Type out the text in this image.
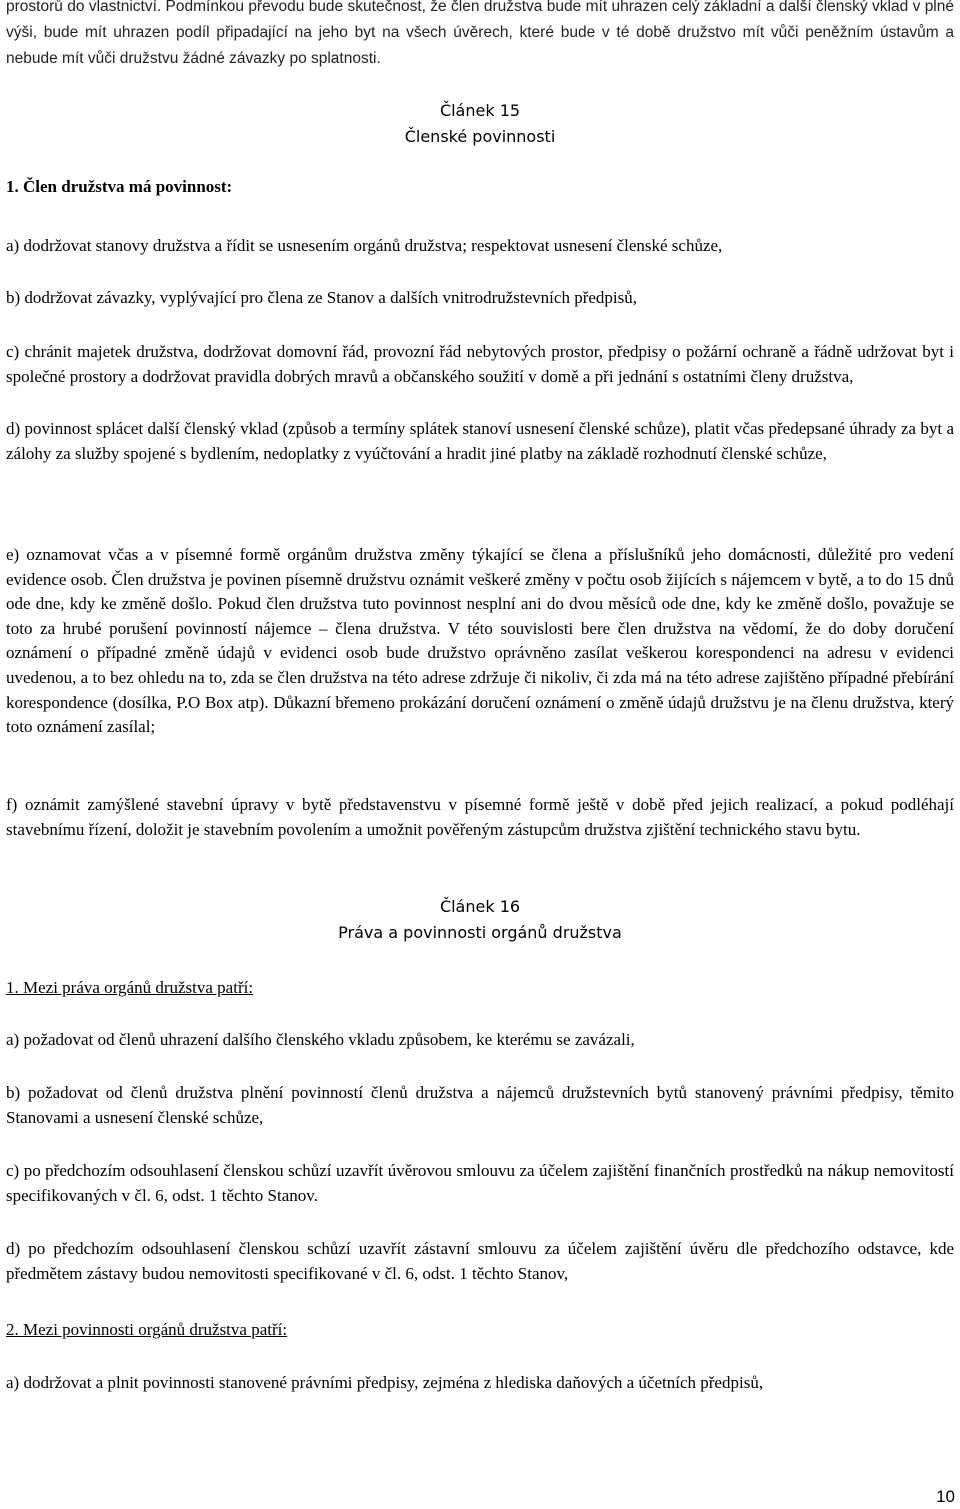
prostorů do vlastnictví. Podmínkou převodu bude skutečnost, že člen družstva bude mít uhrazen celý základní a další členský vklad v plné výši, bude mít uhrazen podíl připadající na jeho byt na všech úvěrech, které bude v té době družstvo mít vůči peněžním ústavům a nebude mít vůči družstvu žádné závazky po splatnosti.

Článek 15
Členské povinnosti

1. Člen družstva má povinnost:

a) dodržovat stanovy družstva a řídit se usnesením orgánů družstva; respektovat usnesení členské schůze,

b) dodržovat závazky, vyplývající pro člena ze Stanov a dalších vnitrodružstevních předpisů,

c) chránit majetek družstva, dodržovat domovní řád, provozní řád nebytových prostor, předpisy o požární ochraně a řádně udržovat byt i společné prostory a dodržovat pravidla dobrých mravů a občanského soužití v domě a při jednání s ostatními členy družstva,

d) povinnost splácet další členský vklad (způsob a termíny splátek stanoví usnesení členské schůze), platit včas předepsané úhrady za byt a zálohy za služby spojené s bydlením, nedoplatky z vyúčtování a hradit jiné platby na základě rozhodnutí členské schůze,

e) oznamovat včas a v písemné formě orgánům družstva změny týkající se člena a příslušníků jeho domácnosti, důležité pro vedení evidence osob. Člen družstva je povinen písemně družstvu oznámit veškeré změny v počtu osob žijících s nájemcem v bytě, a to do 15 dnů ode dne, kdy ke změně došlo. Pokud člen družstva tuto povinnost nesplní ani do dvou měsíců ode dne, kdy ke změně došlo, považuje se toto za hrubé porušení povinností nájemce – člena družstva. V této souvislosti bere člen družstva na vědomí, že do doby doručení oznámení o případné změně údajů v evidenci osob bude družstvo oprávněno zasílat veškerou korespondenci na adresu v evidenci uvedenou, a to bez ohledu na to, zda se člen družstva na této adrese zdržuje či nikoliv, či zda má na této adrese zajištěno případné přebírání korespondence (dosílka, P.O Box atp). Důkazní břemeno prokázání doručení oznámení o změně údajů družstvu je na členu družstva, který toto oznámení zasílal;

f) oznámit zamýšlené stavební úpravy v bytě představenstvu v písemné formě ještě v době před jejich realizací, a pokud podléhají stavebnímu řízení, doložit je stavebním povolením a umožnit pověřeným zástupcům družstva zjištění technického stavu bytu.

Článek 16
Práva a povinnosti orgánů družstva

1. Mezi práva orgánů družstva patří:

a) požadovat od členů uhrazení dalšího členského vkladu způsobem, ke kterému se zavázali,

b) požadovat od členů družstva plnění povinností členů družstva a nájemců družstevních bytů stanovený právními předpisy, těmito Stanovami a usnesení členské schůze,

c) po předchozím odsouhlasení členskou schůzí uzavřít úvěrovou smlouvu za účelem zajištění finančních prostředků na nákup nemovitostí specifikovaných v čl. 6, odst. 1 těchto Stanov.

d) po předchozím odsouhlasení členskou schůzí uzavřít zástavní smlouvu za účelem zajištění úvěru dle předchozího odstavce, kde předmětem zástavy budou nemovitosti specifikované v čl. 6, odst. 1 těchto Stanov,

2. Mezi povinnosti orgánů družstva patří:

a) dodržovat a plnit povinnosti stanovené právními předpisy, zejména z hlediska daňových a účetních předpisů,

10
